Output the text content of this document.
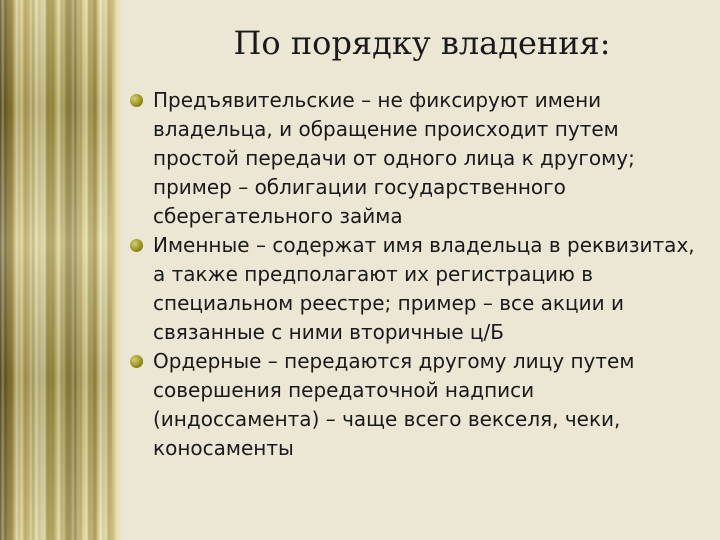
По порядку владения:
Предъявительские – не фиксируют имени владельца, и обращение происходит путем простой передачи от одного лица к другому; пример – облигации государственного сберегательного займа
Именные – содержат имя владельца в реквизитах, а также предполагают их регистрацию в специальном реестре; пример – все акции и связанные с ними вторичные ц/Б
Ордерные – передаются другому лицу путем совершения передаточной надписи (индоссамента) – чаще всего векселя, чеки, коносаменты
